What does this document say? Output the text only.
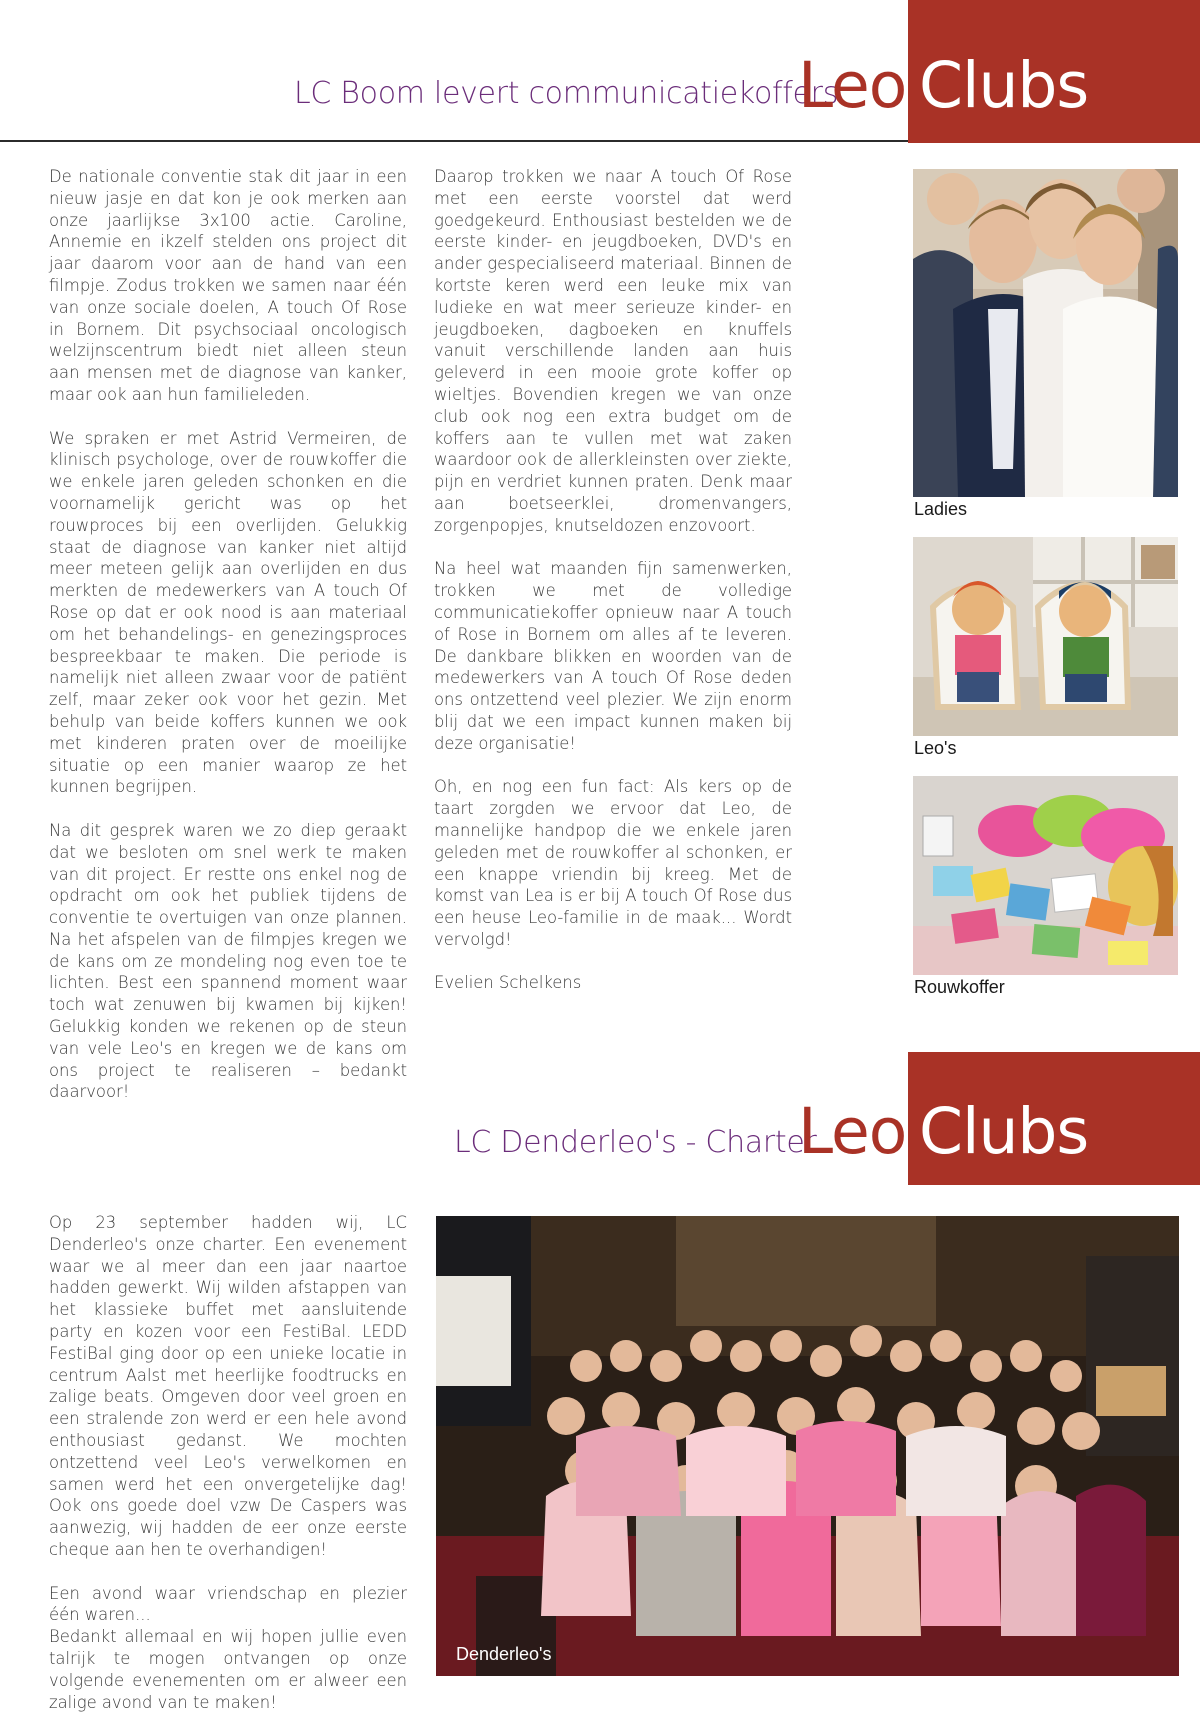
LC Boom levert communicatiekoffers
Leo Clubs

De nationale conventie stak dit jaar in een nieuw jasje en dat kon je ook merken aan onze jaarlijkse 3x100 actie. Caroline, Annemie en ikzelf stelden ons project dit jaar daarom voor aan de hand van een filmpje. Zodus trokken we samen naar één van onze sociale doelen, A touch Of Rose in Bornem. Dit psychsociaal oncologisch welzijnscentrum biedt niet alleen steun aan mensen met de diagnose van kanker, maar ook aan hun familieleden.

We spraken er met Astrid Vermeiren, de klinisch psychologe, over de rouwkoffer die we enkele jaren geleden schonken en die voornamelijk gericht was op het rouwproces bij een overlijden. Gelukkig staat de diagnose van kanker niet altijd meer meteen gelijk aan overlijden en dus merkten de medewerkers van A touch Of Rose op dat er ook nood is aan materiaal om het behandelings- en genezingsproces bespreekbaar te maken. Die periode is namelijk niet alleen zwaar voor de patiënt zelf, maar zeker ook voor het gezin. Met behulp van beide koffers kunnen we ook met kinderen praten over de moeilijke situatie op een manier waarop ze het kunnen begrijpen.

Na dit gesprek waren we zo diep geraakt dat we besloten om snel werk te maken van dit project. Er restte ons enkel nog de opdracht om ook het publiek tijdens de conventie te overtuigen van onze plannen. Na het afspelen van de filmpjes kregen we de kans om ze mondeling nog even toe te lichten. Best een spannend moment waar toch wat zenuwen bij kwamen bij kijken! Gelukkig konden we rekenen op de steun van vele Leo's en kregen we de kans om ons project te realiseren – bedankt daarvoor!

Daarop trokken we naar A touch Of Rose met een eerste voorstel dat werd goedgekeurd. Enthousiast bestelden we de eerste kinder- en jeugdboeken, DVD's en ander gespecialiseerd materiaal. Binnen de kortste keren werd een leuke mix van ludieke en wat meer serieuze kinder- en jeugdboeken, dagboeken en knuffels vanuit verschillende landen aan huis geleverd in een mooie grote koffer op wieltjes. Bovendien kregen we van onze club ook nog een extra budget om de koffers aan te vullen met wat zaken waardoor ook de allerkleinsten over ziekte, pijn en verdriet kunnen praten. Denk maar aan boetseerklei, dromenvangers, zorgenpopjes, knutseldozen enzovoort.

Na heel wat maanden fijn samenwerken, trokken we met de volledige communicatiekoffer opnieuw naar A touch of Rose in Bornem om alles af te leveren. De dankbare blikken en woorden van de medewerkers van A touch Of Rose deden ons ontzettend veel plezier. We zijn enorm blij dat we een impact kunnen maken bij deze organisatie!

Oh, en nog een fun fact: Als kers op de taart zorgden we ervoor dat Leo, de mannelijke handpop die we enkele jaren geleden met de rouwkoffer al schonken, er een knappe vriendin bij kreeg. Met de komst van Lea is er bij A touch Of Rose dus een heuse Leo-familie in de maak... Wordt vervolgd!

Evelien Schelkens

Ladies
Leo's
Rouwkoffer
LC Denderleo's - Charter
Leo Clubs

Op 23 september hadden wij, LC Denderleo's onze charter. Een evenement waar we al meer dan een jaar naartoe hadden gewerkt. Wij wilden afstappen van het klassieke buffet met aansluitende party en kozen voor een FestiBal. LEDD FestiBal ging door op een unieke locatie in centrum Aalst met heerlijke foodtrucks en zalige beats. Omgeven door veel groen en een stralende zon werd er een hele avond enthousiast gedanst. We mochten ontzettend veel Leo's verwelkomen en samen werd het een onvergetelijke dag! Ook ons goede doel vzw De Caspers was aanwezig, wij hadden de eer onze eerste cheque aan hen te overhandigen!

Een avond waar vriendschap en plezier één waren...

Bedankt allemaal en wij hopen jullie even talrijk te mogen ontvangen op onze volgende evenementen om er alweer een zalige avond van te maken!

Denderleo's
